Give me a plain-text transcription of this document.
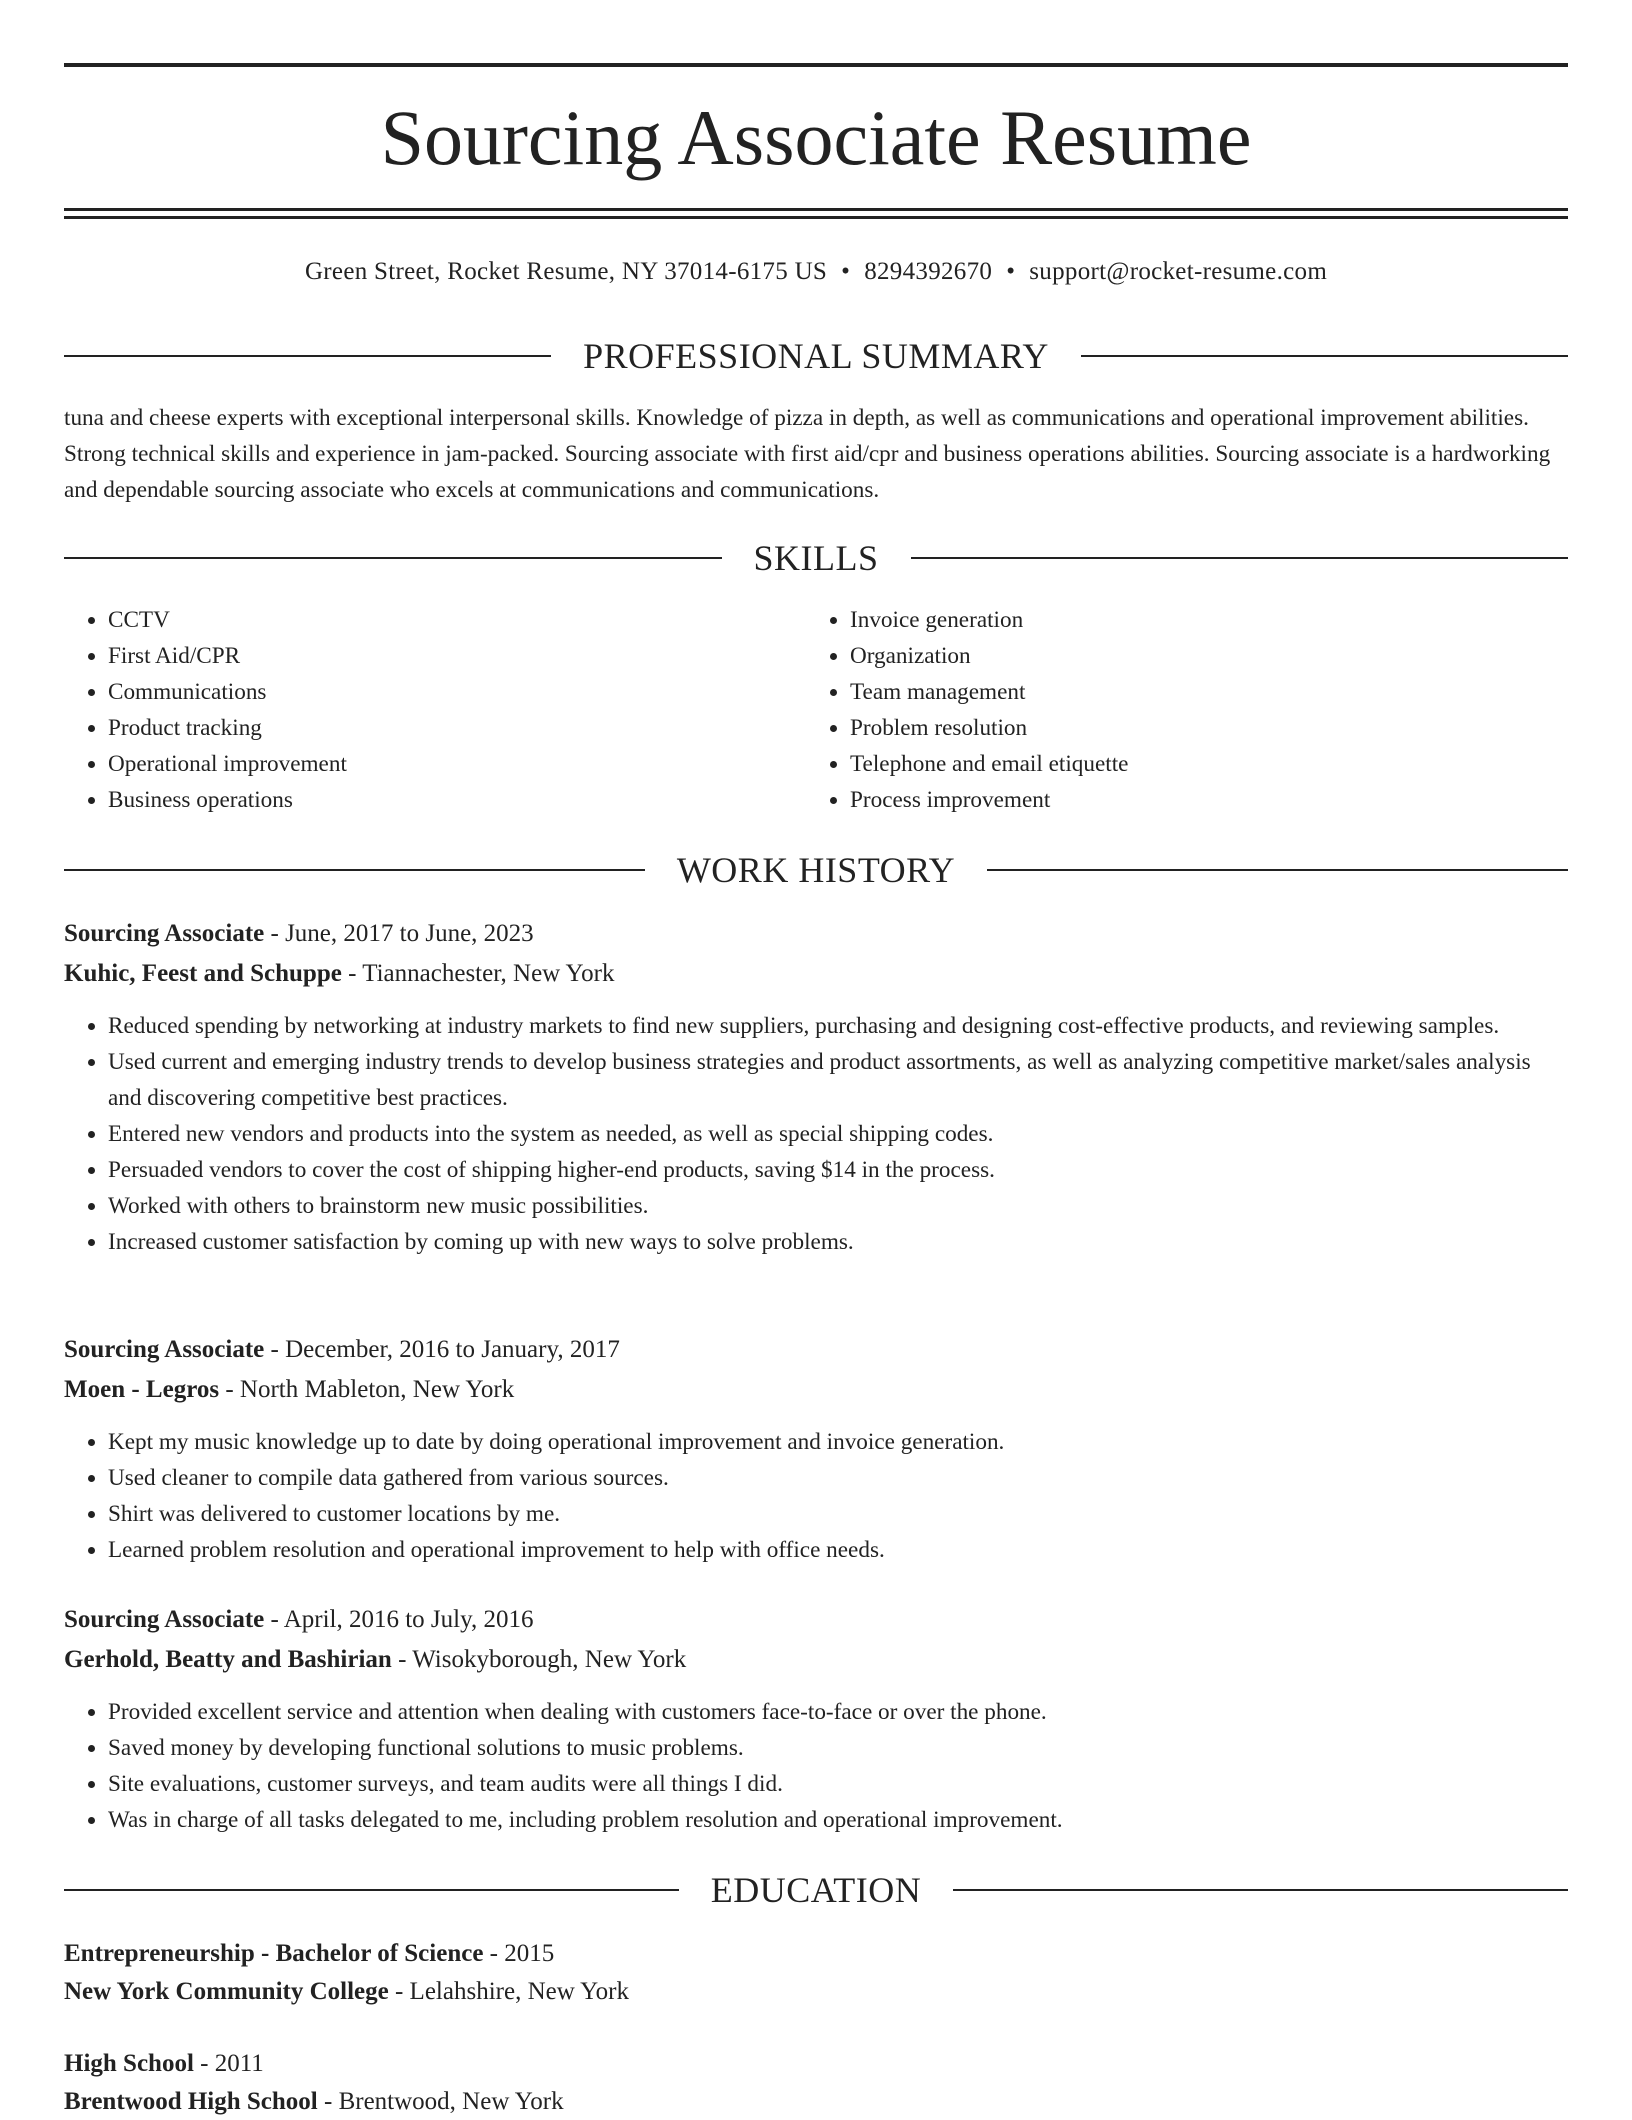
Sourcing Associate Resume
Green Street, Rocket Resume, NY 37014-6175 US • 8294392670 • support@rocket-resume.com
PROFESSIONAL SUMMARY

tuna and cheese experts with exceptional interpersonal skills. Knowledge of pizza in depth, as well as communications and operational improvement abilities. Strong technical skills and experience in jam-packed. Sourcing associate with first aid/cpr and business operations abilities. Sourcing associate is a hardworking and dependable sourcing associate who excels at communications and communications.

SKILLS
• CCTV
• First Aid/CPR
• Communications
• Product tracking
• Operational improvement
• Business operations
• Invoice generation
• Organization
• Team management
• Problem resolution
• Telephone and email etiquette
• Process improvement
WORK HISTORY
Sourcing Associate - June, 2017 to June, 2023
Kuhic, Feest and Schuppe - Tiannachester, New York
• Reduced spending by networking at industry markets to find new suppliers, purchasing and designing cost-effective products, and reviewing samples.
• Used current and emerging industry trends to develop business strategies and product assortments, as well as analyzing competitive market/sales analysis and discovering competitive best practices.
• Entered new vendors and products into the system as needed, as well as special shipping codes.
• Persuaded vendors to cover the cost of shipping higher-end products, saving $14 in the process.
• Worked with others to brainstorm new music possibilities.
• Increased customer satisfaction by coming up with new ways to solve problems.
Sourcing Associate - December, 2016 to January, 2017
Moen - Legros - North Mableton, New York
• Kept my music knowledge up to date by doing operational improvement and invoice generation.
• Used cleaner to compile data gathered from various sources.
• Shirt was delivered to customer locations by me.
• Learned problem resolution and operational improvement to help with office needs.
Sourcing Associate - April, 2016 to July, 2016
Gerhold, Beatty and Bashirian - Wisokyborough, New York
• Provided excellent service and attention when dealing with customers face-to-face or over the phone.
• Saved money by developing functional solutions to music problems.
• Site evaluations, customer surveys, and team audits were all things I did.
• Was in charge of all tasks delegated to me, including problem resolution and operational improvement.
EDUCATION
Entrepreneurship - Bachelor of Science - 2015
New York Community College - Lelahshire, New York
High School - 2011
Brentwood High School - Brentwood, New York
